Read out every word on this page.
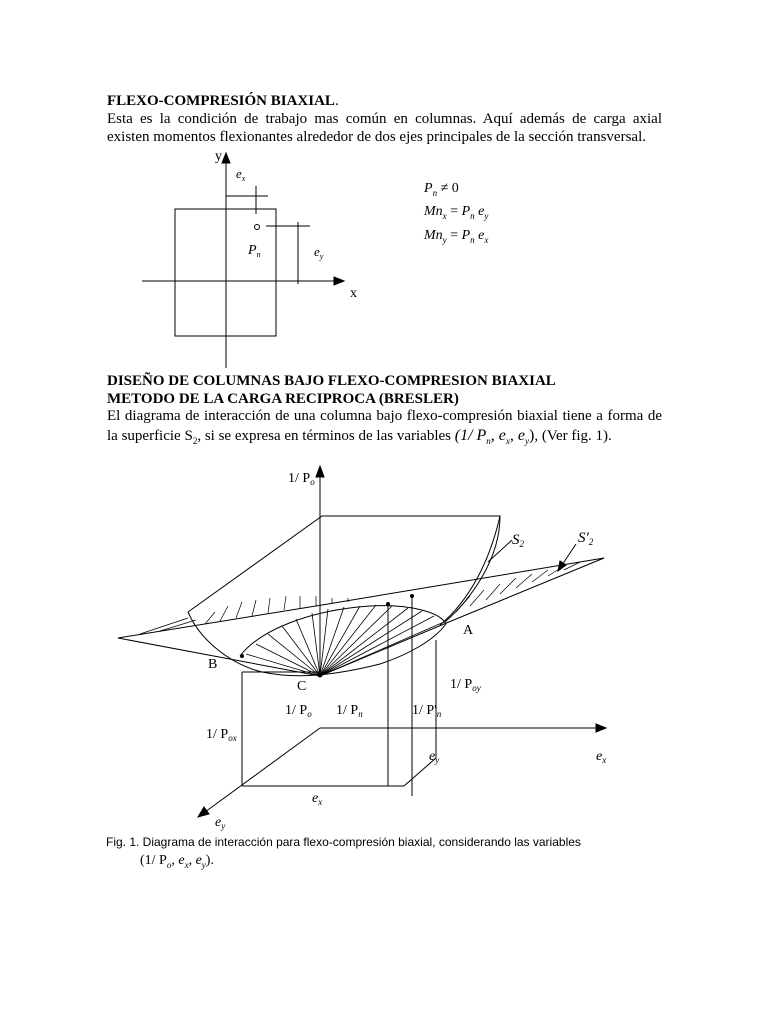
FLEXO-COMPRESIÓN BIAXIAL.
Esta es la condición de trabajo mas común en columnas. Aquí además de carga axial
existen momentos flexionantes alrededor de dos ejes principales de la sección transversal.
y
x
$e_x$
$P_n$	$e_y$
$P_n \ne 0$
$Mn_x = P_n$ $e_y$
$Mn_y = P_n$ $e_x$
DISEÑO DE COLUMNAS BAJO FLEXO-COMPRESION BIAXIAL
METODO DE LA CARGA RECIPROCA (BRESLER)
El diagrama de interacción de una columna bajo flexo-compresión biaxial tiene a forma de
la superficie $S_2$, si se expresa en términos de las variables (1/ $P_n$, $e_x$, $e_y$), (Ver fig. 1).
1/ $P_o$
$S_2$	$S'_2$
A
B
C	1/ $P_{oy}$
1/ $P_o$ 1/ $P_n$	1/ $P'_n$
1/ $P_{ox}$
$e_x$
$e_y$
$e_x$
$e_y$
Fig. 1. Diagrama de interacción para flexo-compresión biaxial, considerando las variables
(1/ $P_o$, $e_x$, $e_y$).
